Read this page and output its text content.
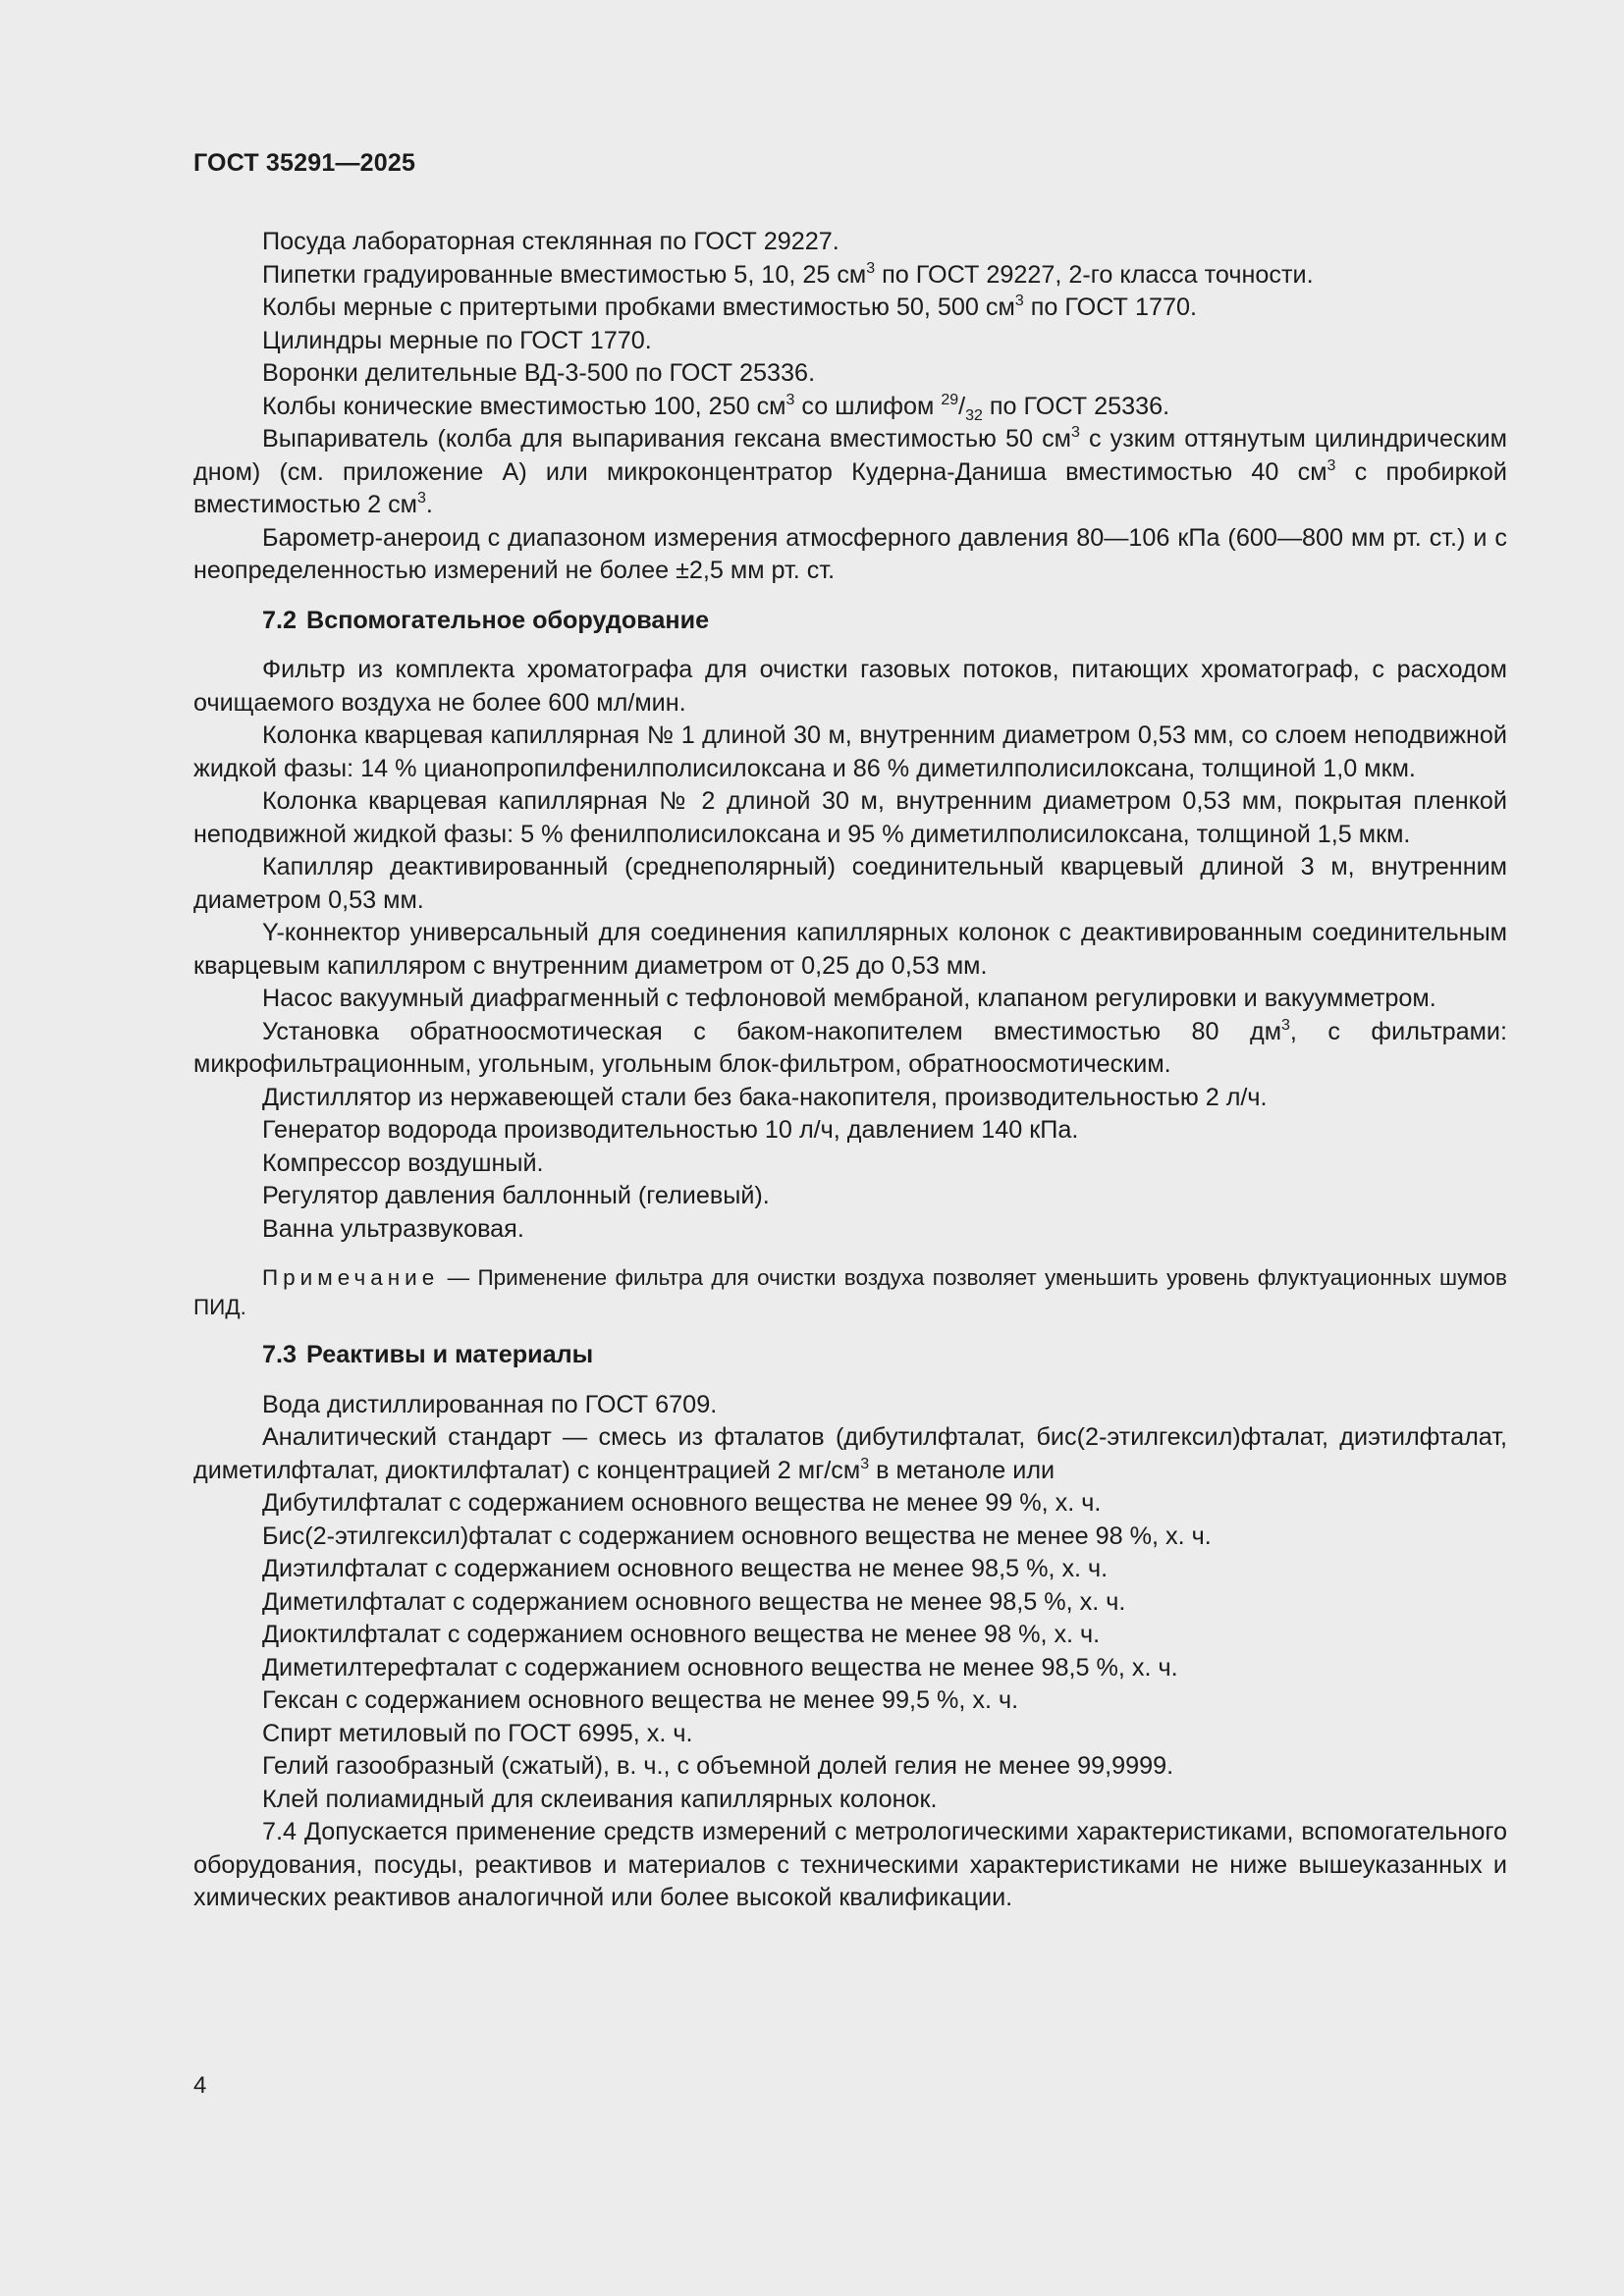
ГОСТ 35291—2025

Посуда лабораторная стеклянная по ГОСТ 29227.

Пипетки градуированные вместимостью 5, 10, 25 $см^3$ по ГОСТ 29227, 2-го класса точности.

Колбы мерные с притертыми пробками вместимостью 50, 500 $см^3$ по ГОСТ 1770.

Цилиндры мерные по ГОСТ 1770.

Воронки делительные ВД-3-500 по ГОСТ 25336.

Колбы конические вместимостью 100, 250 $см^3$ со шлифом $^{29}/_{32}$ по ГОСТ 25336.

Выпариватель (колба для выпаривания гексана вместимостью 50 $см^3$ с узким оттянутым цилиндрическим дном) (см. приложение А) или микроконцентратор Кудерна-Даниша вместимостью 40 $см^3$ с пробиркой вместимостью 2 $см^3$.

Барометр-анероид с диапазоном измерения атмосферного давления 80—106 кПа (600—800 мм рт. ст.) и с неопределенностью измерений не более ±2,5 мм рт. ст.

7.2 Вспомогательное оборудование

Фильтр из комплекта хроматографа для очистки газовых потоков, питающих хроматограф, с расходом очищаемого воздуха не более 600 мл/мин.

Колонка кварцевая капиллярная № 1 длиной 30 м, внутренним диаметром 0,53 мм, со слоем неподвижной жидкой фазы: 14 % цианопропилфенилполисилоксана и 86 % диметилполисилоксана, толщиной 1,0 мкм.

Колонка кварцевая капиллярная № 2 длиной 30 м, внутренним диаметром 0,53 мм, покрытая пленкой неподвижной жидкой фазы: 5 % фенилполисилоксана и 95 % диметилполисилоксана, толщиной 1,5 мкм.

Капилляр деактивированный (среднеполярный) соединительный кварцевый длиной 3 м, внутренним диаметром 0,53 мм.

Y-коннектор универсальный для соединения капиллярных колонок с деактивированным соединительным кварцевым капилляром с внутренним диаметром от 0,25 до 0,53 мм.

Насос вакуумный диафрагменный с тефлоновой мембраной, клапаном регулировки и вакуумметром.

Установка обратноосмотическая с баком-накопителем вместимостью 80 $дм^3$, с фильтрами: микрофильтрационным, угольным, угольным блок-фильтром, обратноосмотическим.

Дистиллятор из нержавеющей стали без бака-накопителя, производительностью 2 л/ч.

Генератор водорода производительностью 10 л/ч, давлением 140 кПа.

Компрессор воздушный.

Регулятор давления баллонный (гелиевый).

Ванна ультразвуковая.

Примечание — Применение фильтра для очистки воздуха позволяет уменьшить уровень флуктуационных шумов ПИД.

7.3 Реактивы и материалы

Вода дистиллированная по ГОСТ 6709.

Аналитический стандарт — смесь из фталатов (дибутилфталат, бис(2-этилгексил)фталат, диэтилфталат, диметилфталат, диоктилфталат) с концентрацией 2 $мг/см^3$ в метаноле или

Дибутилфталат с содержанием основного вещества не менее 99 %, х. ч.

Бис(2-этилгексил)фталат с содержанием основного вещества не менее 98 %, х. ч.

Диэтилфталат с содержанием основного вещества не менее 98,5 %, х. ч.

Диметилфталат с содержанием основного вещества не менее 98,5 %, х. ч.

Диоктилфталат с содержанием основного вещества не менее 98 %, х. ч.

Диметилтерефталат с содержанием основного вещества не менее 98,5 %, х. ч.

Гексан с содержанием основного вещества не менее 99,5 %, х. ч.

Спирт метиловый по ГОСТ 6995, х. ч.

Гелий газообразный (сжатый), в. ч., с объемной долей гелия не менее 99,9999.

Клей полиамидный для склеивания капиллярных колонок.

7.4 Допускается применение средств измерений с метрологическими характеристиками, вспомогательного оборудования, посуды, реактивов и материалов с техническими характеристиками не ниже вышеуказанных и химических реактивов аналогичной или более высокой квалификации.

4
